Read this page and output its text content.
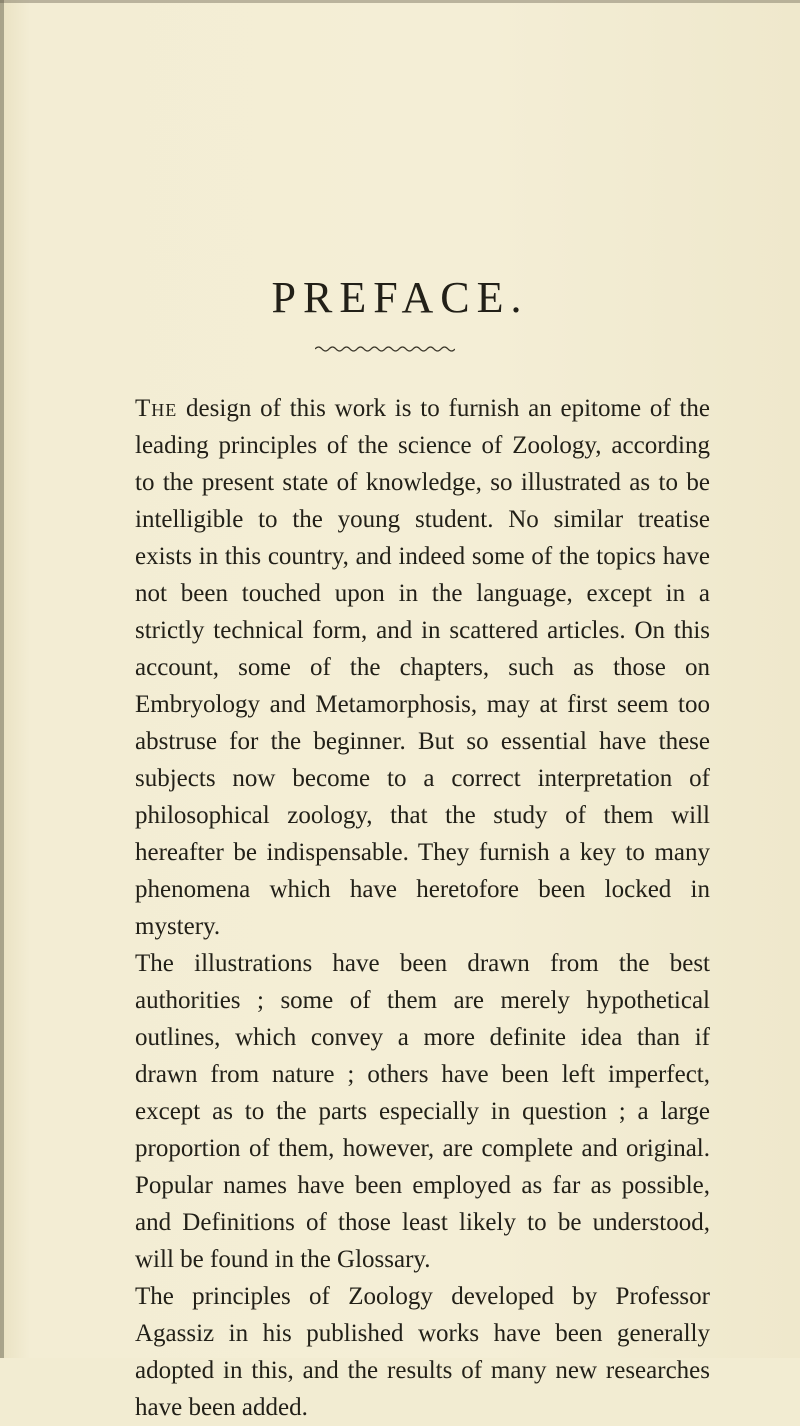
PREFACE.

The design of this work is to furnish an epitome of the leading principles of the science of Zoology, according to the present state of knowledge, so illustrated as to be intelligible to the young student. No similar treatise exists in this country, and indeed some of the topics have not been touched upon in the language, except in a strictly technical form, and in scattered articles. On this account, some of the chapters, such as those on Embryology and Metamorphosis, may at first seem too abstruse for the beginner. But so essential have these subjects now become to a correct interpretation of philosophical zoology, that the study of them will hereafter be indispensable. They furnish a key to many phenomena which have heretofore been locked in mystery.

The illustrations have been drawn from the best authorities ; some of them are merely hypothetical outlines, which convey a more definite idea than if drawn from nature ; others have been left imperfect, except as to the parts especially in question ; a large proportion of them, however, are complete and original. Popular names have been employed as far as possible, and Definitions of those least likely to be understood, will be found in the Glossary.

The principles of Zoology developed by Professor Agassiz in his published works have been generally adopted in this, and the results of many new researches have been added.
